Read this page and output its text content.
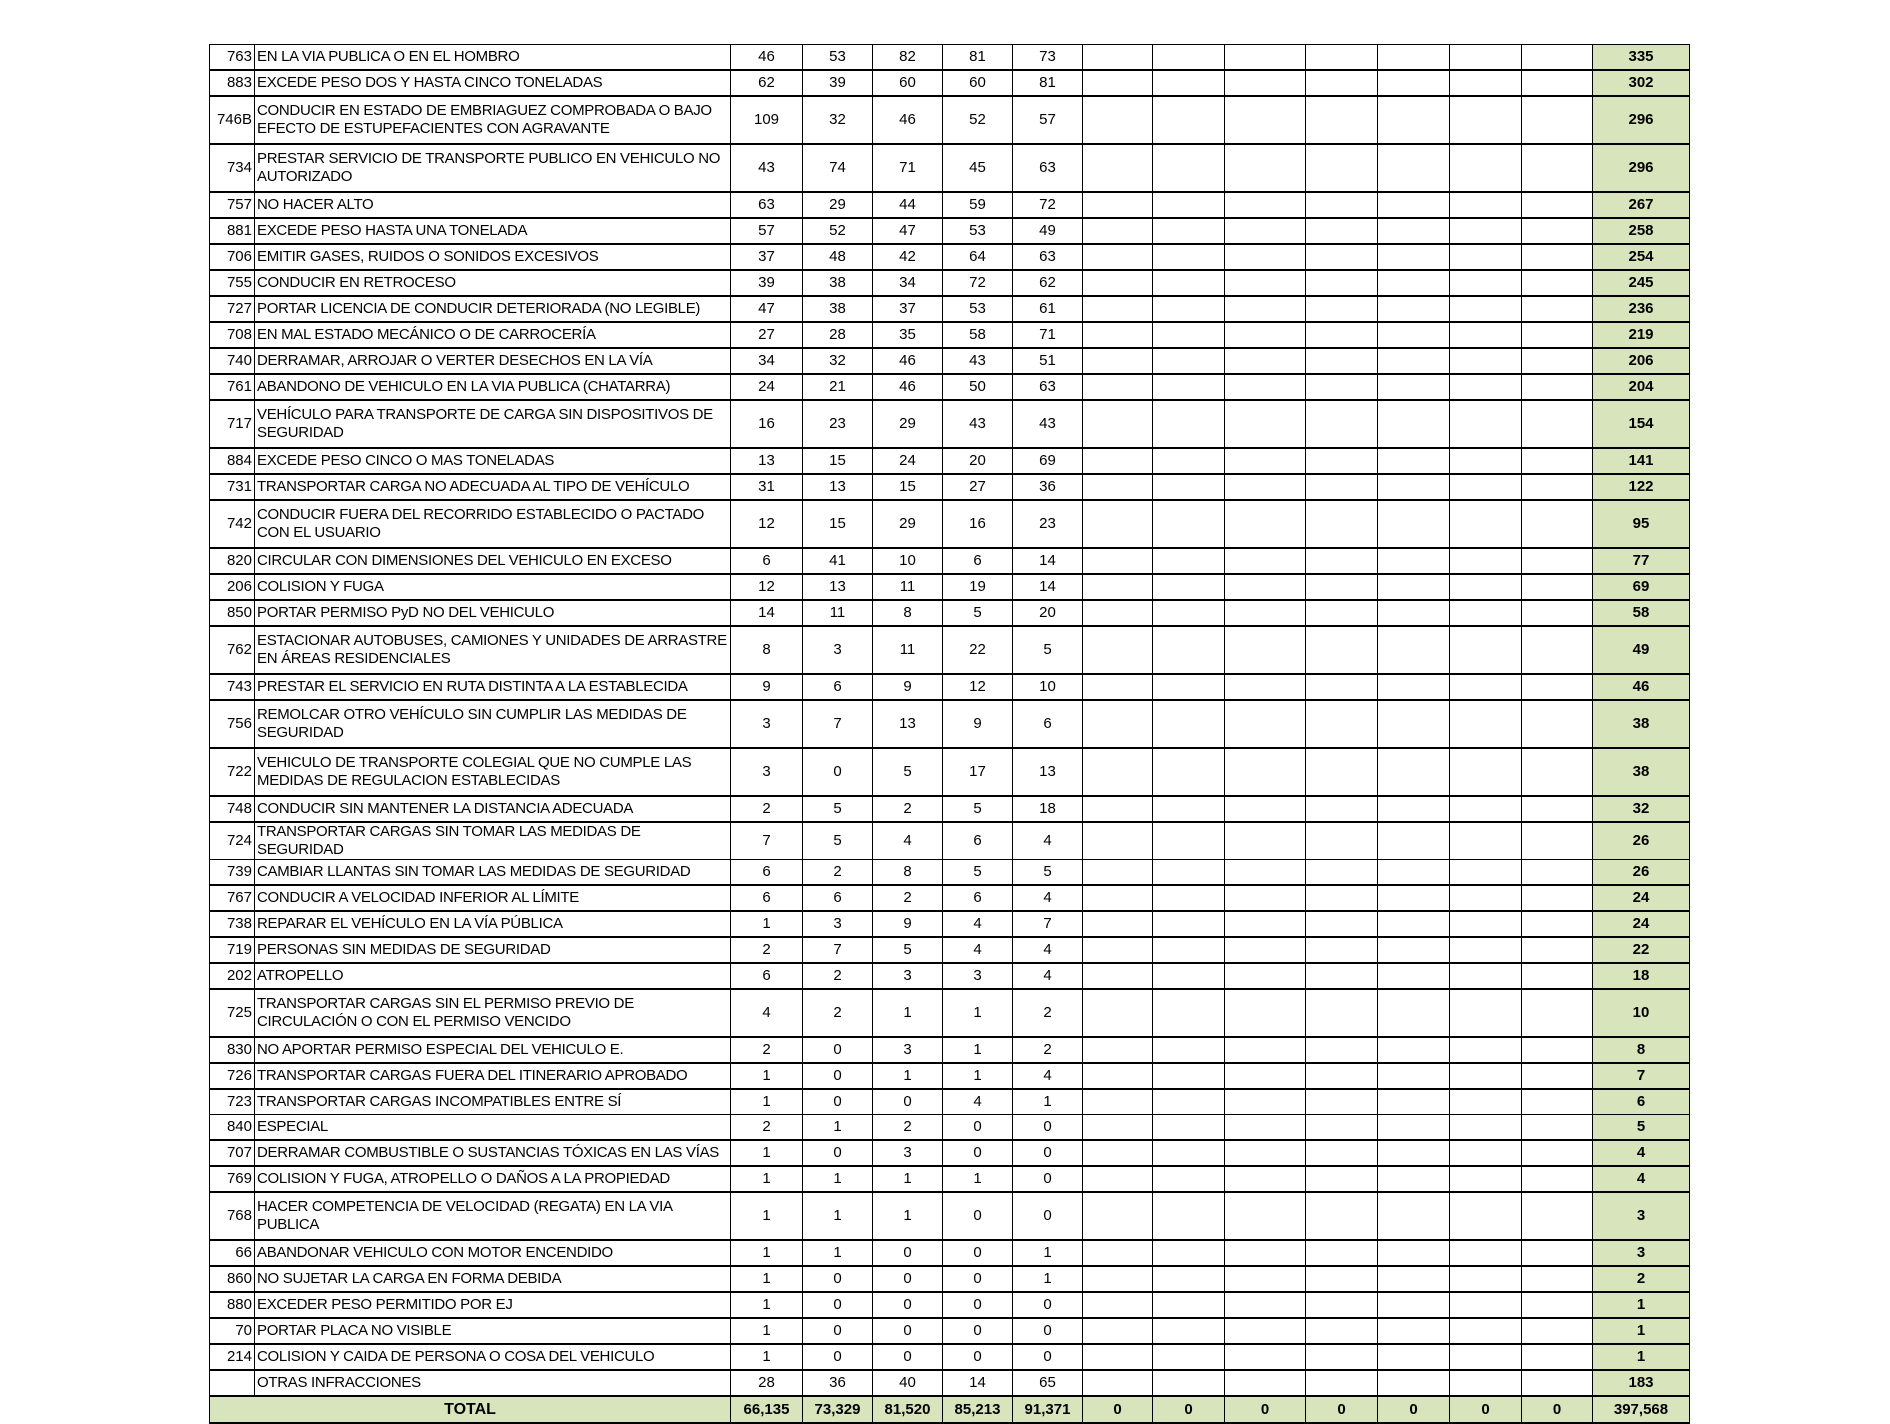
763	EN LA VIA PUBLICA O EN EL HOMBRO	46	53	82	81	73								335
883	EXCEDE PESO DOS Y HASTA CINCO TONELADAS	62	39	60	60	81								302
746B	CONDUCIR EN ESTADO DE EMBRIAGUEZ COMPROBADA O BAJO EFECTO DE ESTUPEFACIENTES CON AGRAVANTE	109	32	46	52	57								296
734	PRESTAR SERVICIO DE TRANSPORTE PUBLICO EN VEHICULO NO AUTORIZADO	43	74	71	45	63								296
757	NO HACER ALTO	63	29	44	59	72								267
881	EXCEDE PESO HASTA UNA TONELADA	57	52	47	53	49								258
706	EMITIR GASES, RUIDOS O SONIDOS EXCESIVOS	37	48	42	64	63								254
755	CONDUCIR EN RETROCESO	39	38	34	72	62								245
727	PORTAR LICENCIA DE CONDUCIR DETERIORADA (NO LEGIBLE)	47	38	37	53	61								236
708	EN MAL ESTADO MECÁNICO O DE CARROCERÍA	27	28	35	58	71								219
740	DERRAMAR, ARROJAR O VERTER DESECHOS EN LA VÍA	34	32	46	43	51								206
761	ABANDONO DE VEHICULO EN LA VIA PUBLICA (CHATARRA)	24	21	46	50	63								204
717	VEHÍCULO PARA TRANSPORTE DE CARGA SIN DISPOSITIVOS DE SEGURIDAD	16	23	29	43	43								154
884	EXCEDE PESO CINCO O MAS TONELADAS	13	15	24	20	69								141
731	TRANSPORTAR CARGA NO ADECUADA AL TIPO DE VEHÍCULO	31	13	15	27	36								122
742	CONDUCIR FUERA DEL RECORRIDO ESTABLECIDO O PACTADO CON EL USUARIO	12	15	29	16	23								95
820	CIRCULAR CON DIMENSIONES DEL VEHICULO EN EXCESO	6	41	10	6	14								77
206	COLISION Y FUGA	12	13	11	19	14								69
850	PORTAR PERMISO PyD NO DEL VEHICULO	14	11	8	5	20								58
762	ESTACIONAR AUTOBUSES, CAMIONES Y UNIDADES DE ARRASTRE EN ÁREAS RESIDENCIALES	8	3	11	22	5								49
743	PRESTAR EL SERVICIO EN RUTA DISTINTA A LA ESTABLECIDA	9	6	9	12	10								46
756	REMOLCAR OTRO VEHÍCULO SIN CUMPLIR LAS MEDIDAS DE SEGURIDAD	3	7	13	9	6								38
722	VEHICULO DE TRANSPORTE COLEGIAL QUE NO CUMPLE LAS MEDIDAS DE REGULACION ESTABLECIDAS	3	0	5	17	13								38
748	CONDUCIR SIN MANTENER LA DISTANCIA ADECUADA	2	5	2	5	18								32
724	TRANSPORTAR CARGAS SIN TOMAR LAS MEDIDAS DE SEGURIDAD	7	5	4	6	4								26
739	CAMBIAR LLANTAS SIN TOMAR LAS MEDIDAS DE SEGURIDAD	6	2	8	5	5								26
767	CONDUCIR A VELOCIDAD INFERIOR AL LÍMITE	6	6	2	6	4								24
738	REPARAR EL VEHÍCULO EN LA VÍA PÚBLICA	1	3	9	4	7								24
719	PERSONAS SIN MEDIDAS DE SEGURIDAD	2	7	5	4	4								22
202	ATROPELLO	6	2	3	3	4								18
725	TRANSPORTAR CARGAS SIN EL PERMISO PREVIO DE CIRCULACIÓN O CON EL PERMISO VENCIDO	4	2	1	1	2								10
830	NO APORTAR PERMISO ESPECIAL DEL VEHICULO E.	2	0	3	1	2								8
726	TRANSPORTAR CARGAS FUERA DEL ITINERARIO APROBADO	1	0	1	1	4								7
723	TRANSPORTAR CARGAS INCOMPATIBLES ENTRE SÍ	1	0	0	4	1								6
840	ESPECIAL	2	1	2	0	0								5
707	DERRAMAR COMBUSTIBLE O SUSTANCIAS TÓXICAS EN LAS VÍAS	1	0	3	0	0								4
769	COLISION Y FUGA, ATROPELLO O DAÑOS A LA PROPIEDAD	1	1	1	1	0								4
768	HACER COMPETENCIA DE VELOCIDAD (REGATA) EN LA VIA PUBLICA	1	1	1	0	0								3
66	ABANDONAR VEHICULO CON MOTOR ENCENDIDO	1	1	0	0	1								3
860	NO SUJETAR LA CARGA EN FORMA DEBIDA	1	0	0	0	1								2
880	EXCEDER PESO PERMITIDO POR EJ	1	0	0	0	0								1
70	PORTAR PLACA NO VISIBLE	1	0	0	0	0								1
214	COLISION Y CAIDA DE PERSONA O COSA DEL VEHICULO	1	0	0	0	0								1
	OTRAS INFRACCIONES	28	36	40	14	65								183
TOTAL		66,135	73,329	81,520	85,213	91,371	0	0	0	0	0	0	0	397,568
